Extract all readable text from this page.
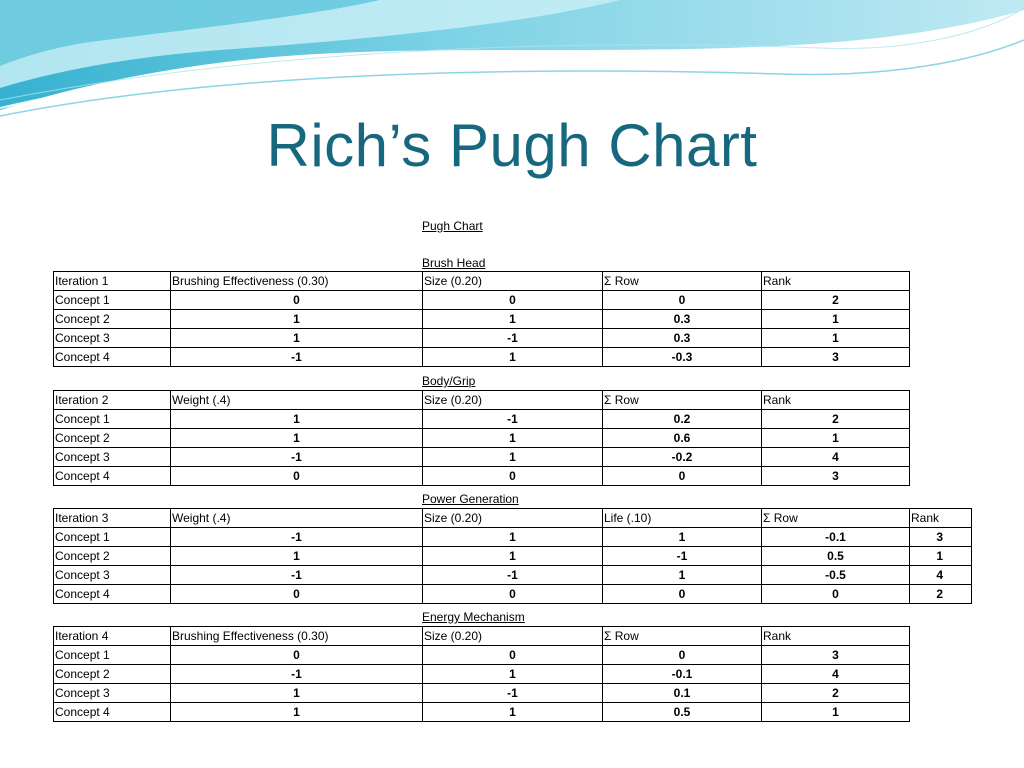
Rich’s Pugh Chart
Pugh Chart
Brush Head
Iteration 1	Brushing Effectiveness (0.30)	Size (0.20)	Σ Row	Rank
Concept 1	0	0	0	2
Concept 2	1	1	0.3	1
Concept 3	1	-1	0.3	1
Concept 4	-1	1	-0.3	3
Body/Grip
Iteration 2	Weight (.4)	Size (0.20)	Σ Row	Rank
Concept 1	1	-1	0.2	2
Concept 2	1	1	0.6	1
Concept 3	-1	1	-0.2	4
Concept 4	0	0	0	3
Power Generation
Iteration 3	Weight (.4)	Size (0.20)	Life (.10)	Σ Row	Rank
Concept 1	-1	1	1	-0.1	3
Concept 2	1	1	-1	0.5	1
Concept 3	-1	-1	1	-0.5	4
Concept 4	0	0	0	0	2
Energy Mechanism
Iteration 4	Brushing Effectiveness (0.30)	Size (0.20)	Σ Row	Rank
Concept 1	0	0	0	3
Concept 2	-1	1	-0.1	4
Concept 3	1	-1	0.1	2
Concept 4	1	1	0.5	1
